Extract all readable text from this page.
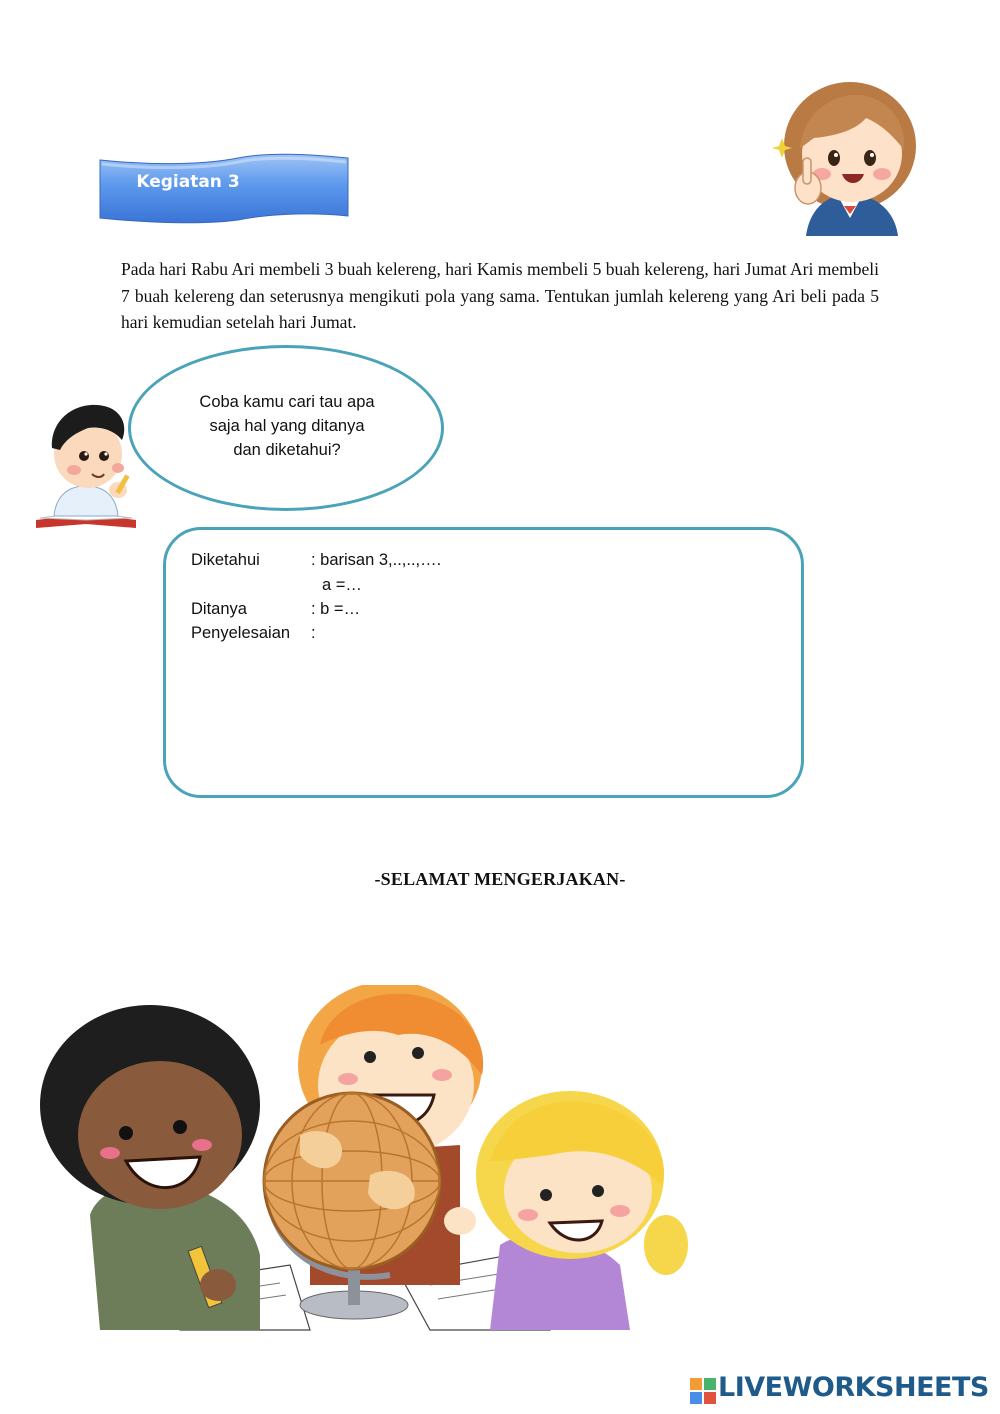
Kegiatan 3
Pada hari Rabu Ari membeli 3 buah kelereng, hari Kamis membeli 5 buah kelereng, hari Jumat Ari membeli 7 buah kelereng dan seterusnya mengikuti pola yang sama. Tentukan jumlah kelereng yang Ari beli pada 5 hari kemudian setelah hari Jumat.
Coba kamu cari tau apa
saja hal yang ditanya
dan diketahui?
Diketahui	: barisan 3,..,..,….
a =…
Ditanya	: b =…
Penyelesaian :
-SELAMAT MENGERJAKAN-
LIVEWORKSHEETS
